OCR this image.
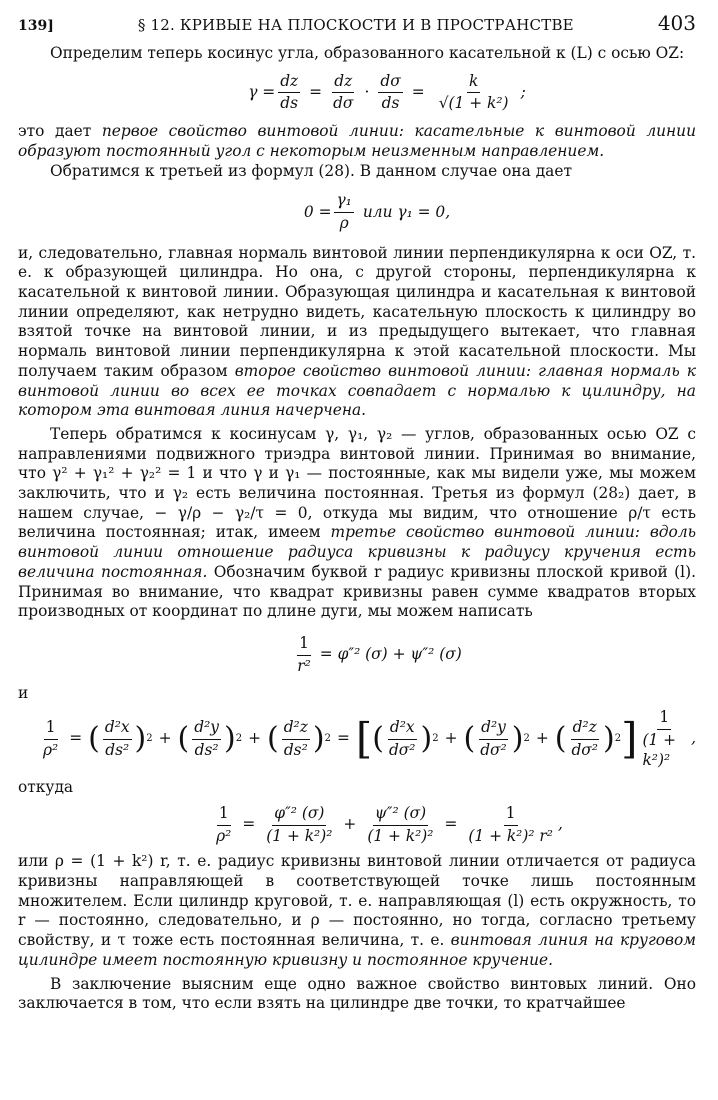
139]	§ 12. КРИВЫЕ НА ПЛОСКОСТИ И В ПРОСТРАНСТВЕ	403

Определим теперь косинус угла, образованного касательной к (L) с осью OZ:

$\gamma = \frac{dz}{ds} = \frac{dz}{d\sigma} \cdot \frac{d\sigma}{ds} = \frac{k}{\text{√(1 + k²)}}$ ;

это дает первое свойство винтовой линии: касательные к винтовой линии образуют постоянный угол с некоторым неизменным направлением.

Обратимся к третьей из формул (28). В данном случае она дает

$0 = \frac{\text{γ₁}}{\rho}$ или γ₁ = 0,

и, следовательно, главная нормаль винтовой линии перпендикулярна к оси OZ, т. е. к образующей цилиндра. Но она, с другой стороны, перпендикулярна к касательной к винтовой линии. Образующая цилиндра и касательная к винтовой линии определяют, как нетрудно видеть, касательную плоскость к цилиндру во взятой точке на винтовой линии, и из предыдущего вытекает, что главная нормаль винтовой линии перпендикулярна к этой касательной плоскости. Мы получаем таким образом второе свойство винтовой линии: главная нормаль к винтовой линии во всех ее точках совпадает с нормалью к цилиндру, на котором эта винтовая линия начерчена.

Теперь обратимся к косинусам γ, γ₁, γ₂ — углов, образованных осью OZ с направлениями подвижного триэдра винтовой линии. Принимая во внимание, что γ² + γ₁² + γ₂² = 1 и что γ и γ₁ — постоянные, как мы видели уже, мы можем заключить, что и γ₂ есть величина постоянная. Третья из формул (28₂) дает, в нашем случае, − γ/ρ − γ₂/τ = 0, откуда мы видим, что отношение ρ/τ есть величина постоянная; итак, имеем третье свойство винтовой линии: вдоль винтовой линии отношение радиуса кривизны к радиусу кручения есть величина постоянная. Обозначим буквой r радиус кривизны плоской кривой (l). Принимая во внимание, что квадрат кривизны равен сумме квадратов вторых производных от координат по длине дуги, мы можем написать

$\frac{1}{\text{r²}} = \varphi''^2$ (σ) + ψ″² (σ)

и

$\frac{1}{\text{ρ²}}$ = ( $\frac{\text{d²x}}{\text{ds²}}$ ) 2 + ( $\frac{\text{d²y}}{\text{ds²}}$ ) 2 + ( $\frac{\text{d²z}}{\text{ds²}}$ ) 2 = [ ( $\frac{\text{d²x}}{\text{dσ²}}$ ) 2 + ( $\frac{\text{d²y}}{\text{dσ²}}$ ) 2 + ( $\frac{\text{d²z}}{\text{dσ²}}$ ) 2 ] $\frac{1}{\text{(1 + k²)²}}$ ,

откуда

$\frac{1}{\text{ρ²}} = \frac{\text{φ″² (σ)}}{\text{(1 + k²)²}} + \frac{\text{ψ″² (σ)}}{\text{(1 + k²)²}} = \frac{1}{\text{(1 + k²)² r²}}$ ,

или ρ = (1 + k²) r, т. е. радиус кривизны винтовой линии отличается от радиуса кривизны направляющей в соответствующей точке лишь постоянным множителем. Если цилиндр круговой, т. е. направляющая (l) есть окружность, то r — постоянно, следовательно, и ρ — постоянно, но тогда, согласно третьему свойству, и τ тоже есть постоянная величина, т. е. винтовая линия на круговом цилиндре имеет постоянную кривизну и постоянное кручение.

В заключение выясним еще одно важное свойство винтовых линий. Оно заключается в том, что если взять на цилиндре две точки, то кратчайшее
